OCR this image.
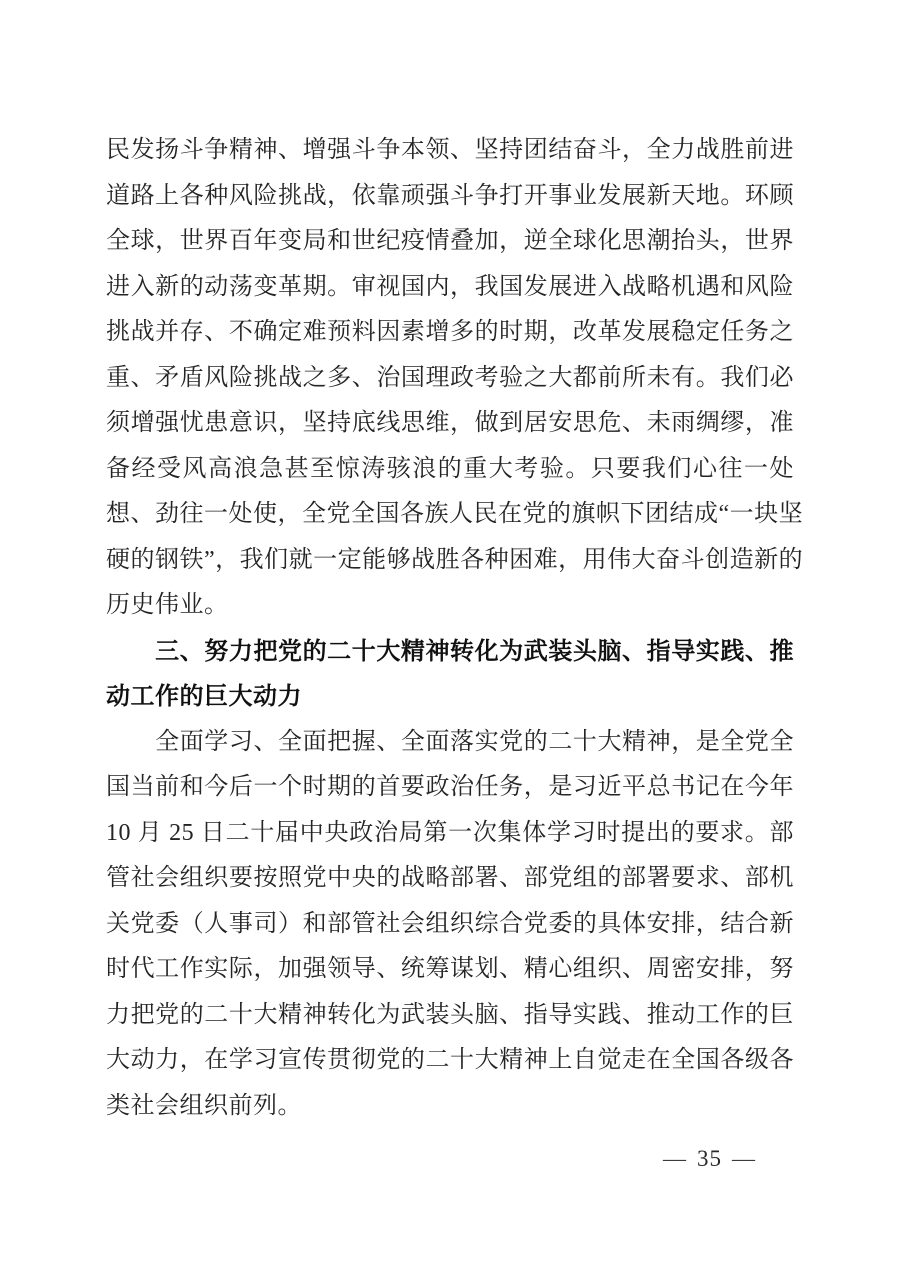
民发扬斗争精神、增强斗争本领、坚持团结奋斗，全力战胜前进
道路上各种风险挑战，依靠顽强斗争打开事业发展新天地。环顾
全球，世界百年变局和世纪疫情叠加，逆全球化思潮抬头，世界
进入新的动荡变革期。审视国内，我国发展进入战略机遇和风险
挑战并存、不确定难预料因素增多的时期，改革发展稳定任务之
重、矛盾风险挑战之多、治国理政考验之大都前所未有。我们必
须增强忧患意识，坚持底线思维，做到居安思危、未雨绸缪，准
备经受风高浪急甚至惊涛骇浪的重大考验。只要我们心往一处
想、劲往一处使，全党全国各族人民在党的旗帜下团结成“一块坚
硬的钢铁”，我们就一定能够战胜各种困难，用伟大奋斗创造新的
历史伟业。
　　三、努力把党的二十大精神转化为武装头脑、指导实践、推
动工作的巨大动力
　　全面学习、全面把握、全面落实党的二十大精神，是全党全
国当前和今后一个时期的首要政治任务，是习近平总书记在今年
10 月 25 日二十届中央政治局第一次集体学习时提出的要求。部
管社会组织要按照党中央的战略部署、部党组的部署要求、部机
关党委（人事司）和部管社会组织综合党委的具体安排，结合新
时代工作实际，加强领导、统筹谋划、精心组织、周密安排，努
力把党的二十大精神转化为武装头脑、指导实践、推动工作的巨
大动力，在学习宣传贯彻党的二十大精神上自觉走在全国各级各
类社会组织前列。
— 35 —
